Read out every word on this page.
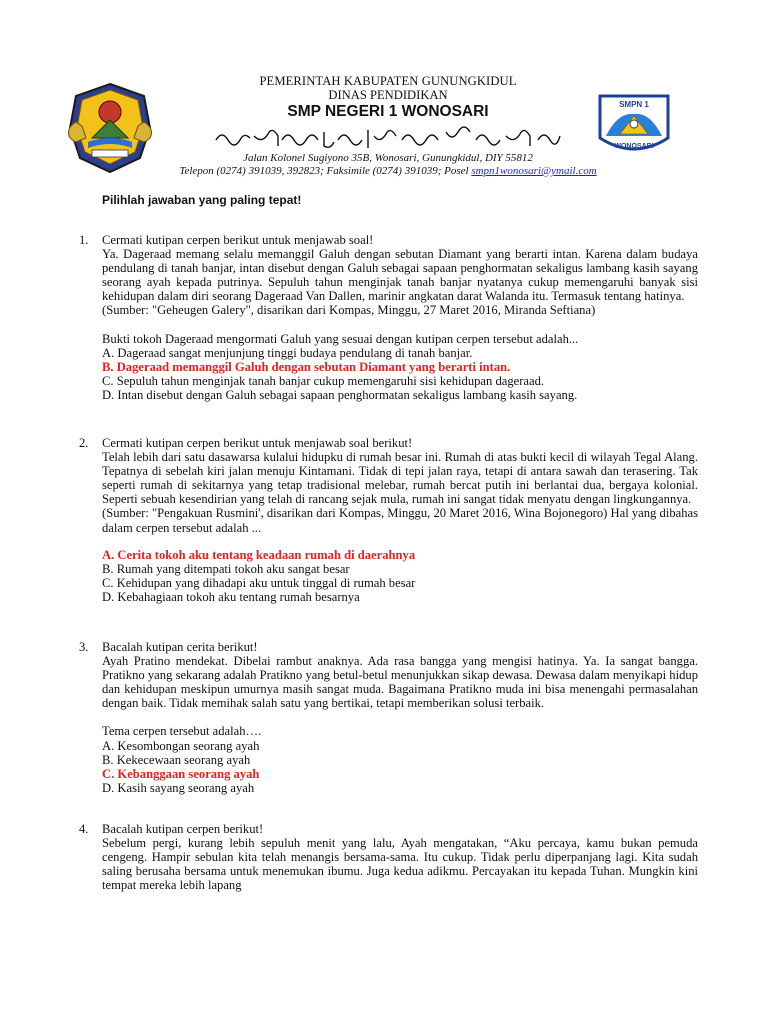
SMPN 1
WONOSARI
PEMERINTAH KABUPATEN GUNUNGKIDUL
DINAS PENDIDIKAN
SMP NEGERI 1 WONOSARI
Jalan Kolonel Sugiyono 35B, Wonosari, Gunungkidul, DIY 55812
Telepon (0274) 391039, 392823; Faksimile (0274) 391039; Posel smpn1wonosari@ymail.com
Pilihlah jawaban yang paling tepat!
1. Cermati kutipan cerpen berikut untuk menjawab soal!
Ya. Dageraad memang selalu memanggil Galuh dengan sebutan Diamant yang berarti intan. Karena dalam budaya pendulang di tanah banjar, intan disebut dengan Galuh sebagai sapaan penghormatan sekaligus lambang kasih sayang seorang ayah kepada putrinya. Sepuluh tahun menginjak tanah banjar nyatanya cukup memengaruhi banyak sisi kehidupan dalam diri seorang Dageraad Van Dallen, marinir angkatan darat Walanda itu. Termasuk tentang hatinya.
(Sumber: "Geheugen Galery", disarikan dari Kompas, Minggu, 27 Maret 2016, Miranda Seftiana)
Bukti tokoh Dageraad mengormati Galuh yang sesuai dengan kutipan cerpen tersebut adalah...
A. Dageraad sangat menjunjung tinggi budaya pendulang di tanah banjar.
B. Dageraad memanggil Galuh dengan sebutan Diamant yang berarti intan.
C. Sepuluh tahun menginjak tanah banjar cukup memengaruhi sisi kehidupan dageraad.
D. Intan disebut dengan Galuh sebagai sapaan penghormatan sekaligus lambang kasih sayang.
2. Cermati kutipan cerpen berikut untuk menjawab soal berikut!
Telah lebih dari satu dasawarsa kulalui hidupku di rumah besar ini. Rumah di atas bukti kecil di wilayah Tegal Alang. Tepatnya di sebelah kiri jalan menuju Kintamani. Tidak di tepi jalan raya, tetapi di antara sawah dan terasering. Tak seperti rumah di sekitarnya yang tetap tradisional melebar, rumah bercat putih ini berlantai dua, bergaya kolonial. Seperti sebuah kesendirian yang telah di rancang sejak mula, rumah ini sangat tidak menyatu dengan lingkungannya.
(Sumber: "Pengakuan Rusmini', disarikan dari Kompas, Minggu, 20 Maret 2016, Wina Bojonegoro) Hal yang dibahas dalam cerpen tersebut adalah ...
A. Cerita tokoh aku tentang keadaan rumah di daerahnya
B. Rumah yang ditempati tokoh aku sangat besar
C. Kehidupan yang dihadapi aku untuk tinggal di rumah besar
D. Kebahagiaan tokoh aku tentang rumah besarnya
3. Bacalah kutipan cerita berikut!
Ayah Pratino mendekat. Dibelai rambut anaknya. Ada rasa bangga yang mengisi hatinya. Ya. Ia sangat bangga. Pratikno yang sekarang adalah Pratikno yang betul-betul menunjukkan sikap dewasa. Dewasa dalam menyikapi hidup dan kehidupan meskipun umurnya masih sangat muda. Bagaimana Pratikno muda ini bisa menengahi permasalahan dengan baik. Tidak memihak salah satu yang bertikai, tetapi memberikan solusi terbaik.
Tema cerpen tersebut adalah….
A. Kesombongan seorang ayah
B. Kekecewaan seorang ayah
C. Kebanggaan seorang ayah
D. Kasih sayang seorang ayah
4. Bacalah kutipan cerpen berikut!
Sebelum pergi, kurang lebih sepuluh menit yang lalu, Ayah mengatakan, “Aku percaya, kamu bukan pemuda cengeng. Hampir sebulan kita telah menangis bersama-sama. Itu cukup. Tidak perlu diperpanjang lagi. Kita sudah saling berusaha bersama untuk menemukan ibumu. Juga kedua adikmu. Percayakan itu kepada Tuhan. Mungkin kini tempat mereka lebih lapang
